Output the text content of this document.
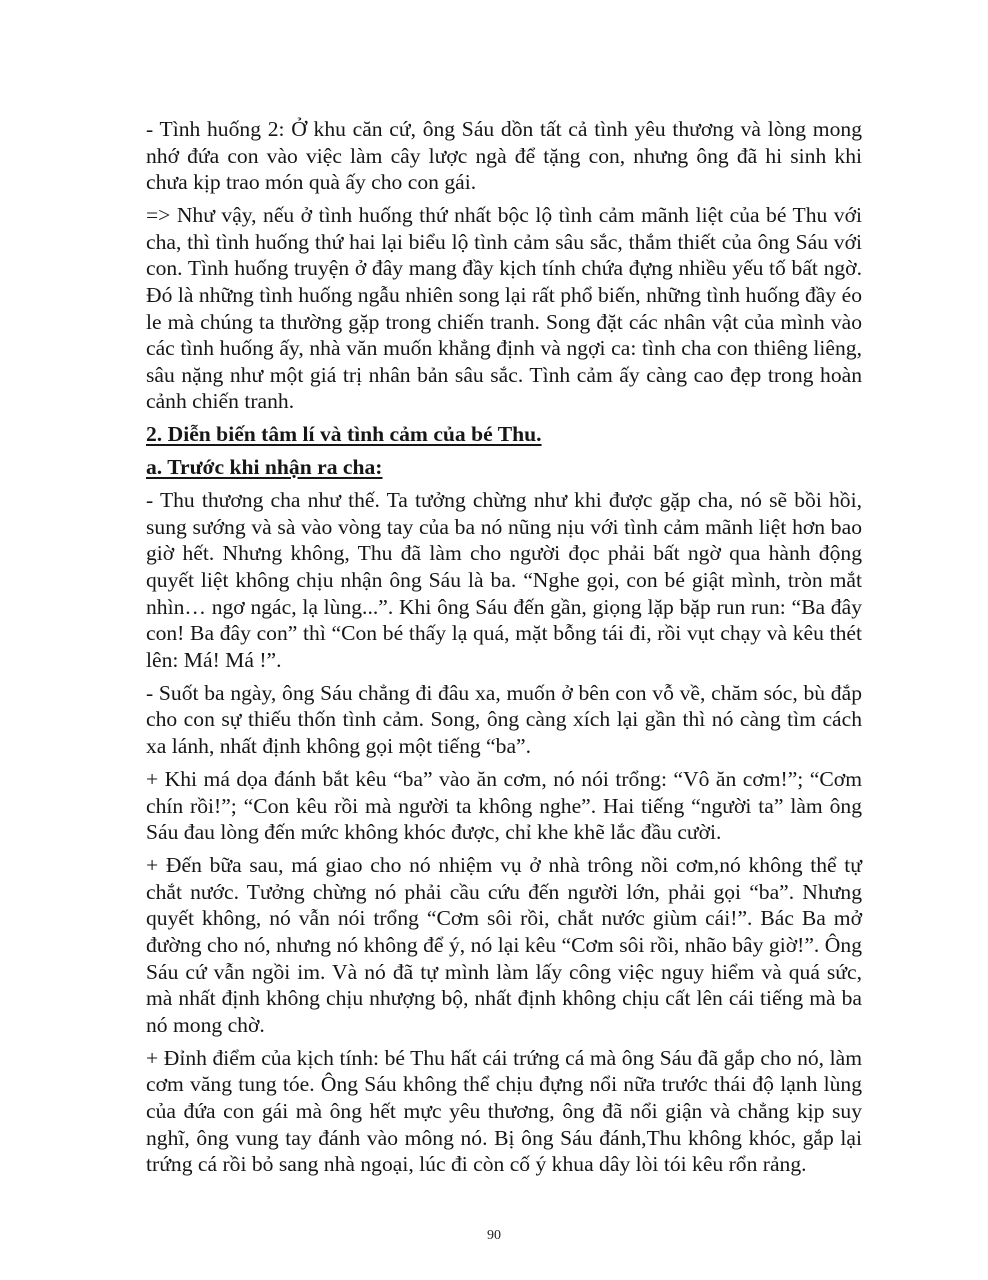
- Tình huống 2: Ở khu căn cứ, ông Sáu dồn tất cả tình yêu thương và lòng mong nhớ đứa con vào việc làm cây lược ngà để tặng con, nhưng ông đã hi sinh khi chưa kịp trao món quà ấy cho con gái.

=> Như vậy, nếu ở tình huống thứ nhất bộc lộ tình cảm mãnh liệt của bé Thu với cha, thì tình huống thứ hai lại biểu lộ tình cảm sâu sắc, thắm thiết của ông Sáu với con. Tình huống truyện ở đây mang đầy kịch tính chứa đựng nhiều yếu tố bất ngờ. Đó là những tình huống ngẫu nhiên song lại rất phổ biến, những tình huống đầy éo le mà chúng ta thường gặp trong chiến tranh. Song đặt các nhân vật của mình vào các tình huống ấy, nhà văn muốn khẳng định và ngợi ca: tình cha con thiêng liêng, sâu nặng như một giá trị nhân bản sâu sắc. Tình cảm ấy càng cao đẹp trong hoàn cảnh chiến tranh.

2. Diễn biến tâm lí và tình cảm của bé Thu.
a. Trước khi nhận ra cha:

- Thu thương cha như thế. Ta tưởng chừng như khi được gặp cha, nó sẽ bồi hồi, sung sướng và sà vào vòng tay của ba nó nũng nịu với tình cảm mãnh liệt hơn bao giờ hết. Nhưng không, Thu đã làm cho người đọc phải bất ngờ qua hành động quyết liệt không chịu nhận ông Sáu là ba. “Nghe gọi, con bé giật mình, tròn mắt nhìn… ngơ ngác, lạ lùng...”. Khi ông Sáu đến gần, giọng lặp bặp run run: “Ba đây con! Ba đây con” thì “Con bé thấy lạ quá, mặt bỗng tái đi, rồi vụt chạy và kêu thét lên: Má! Má !”.

- Suốt ba ngày, ông Sáu chẳng đi đâu xa, muốn ở bên con vỗ về, chăm sóc, bù đắp cho con sự thiếu thốn tình cảm. Song, ông càng xích lại gần thì nó càng tìm cách xa lánh, nhất định không gọi một tiếng “ba”.

+ Khi má dọa đánh bắt kêu “ba” vào ăn cơm, nó nói trổng: “Vô ăn cơm!”; “Cơm chín rồi!”; “Con kêu rồi mà người ta không nghe”. Hai tiếng “người ta” làm ông Sáu đau lòng đến mức không khóc được, chỉ khe khẽ lắc đầu cười.

+ Đến bữa sau, má giao cho nó nhiệm vụ ở nhà trông nồi cơm,nó không thể tự chắt nước. Tưởng chừng nó phải cầu cứu đến người lớn, phải gọi “ba”. Nhưng quyết không, nó vẫn nói trổng “Cơm sôi rồi, chắt nước giùm cái!”. Bác Ba mở đường cho nó, nhưng nó không để ý, nó lại kêu “Cơm sôi rồi, nhão bây giờ!”. Ông Sáu cứ vẫn ngồi im. Và nó đã tự mình làm lấy công việc nguy hiểm và quá sức, mà nhất định không chịu nhượng bộ, nhất định không chịu cất lên cái tiếng mà ba nó mong chờ.

+ Đỉnh điểm của kịch tính: bé Thu hất cái trứng cá mà ông Sáu đã gắp cho nó, làm cơm văng tung tóe. Ông Sáu không thể chịu đựng nổi nữa trước thái độ lạnh lùng của đứa con gái mà ông hết mực yêu thương, ông đã nổi giận và chẳng kịp suy nghĩ, ông vung tay đánh vào mông nó. Bị ông Sáu đánh,Thu không khóc, gắp lại trứng cá rồi bỏ sang nhà ngoại, lúc đi còn cố ý khua dây lòi tói kêu rổn rảng.

90
